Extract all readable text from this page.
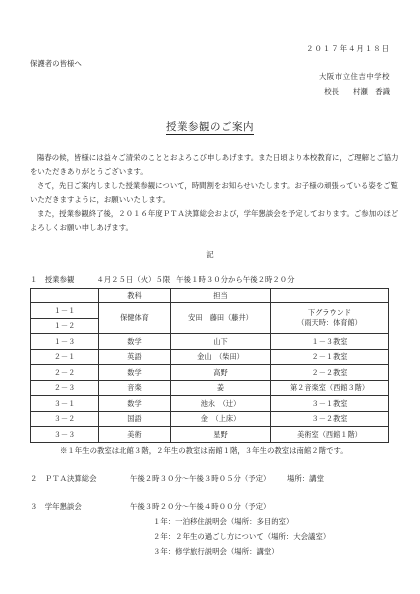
２０１７年４月１８日
保護者の皆様へ
大阪市立住吉中学校
校長 村瀬　香識
授業参観のご案内
陽春の候，皆様には益々ご清栄のこととおよろこび申しあげます。また日頃より本校教育に，ご理解とご協力をいただきありがとうございます。
さて，先日ご案内しました授業参観について，時間割をお知らせいたします。お子様の頑張っている姿をご覧いただきますように，お願いいたします。
また，授業参観終了後，２０１６年度ＰＴＡ決算総会および，学年懇談会を予定しております。ご参加のほどよろしくお願い申しあげます。
記
１　授業参観	４月２５日（火）５限 午後１時３０分から午後２時２０分
	教科	担当	
１－１	保健体育	安田　藤田（藤井）	下グラウンド
（雨天時：体育館）

１－２			
１－３	数学	山下	１－３教室
２－１	英語	金山　（柴田）	２－１教室
２－２	数学	高野	２－２教室
２－３	音楽	姜	第２音楽室（西館３階）
３－１	数学	池永　（辻）	３－１教室
３－２	国語	金　（上床）	３－２教室
３－３	美術	星野	美術室（西館１階）
※１年生の教室は北館３階，２年生の教室は南館１階，３年生の教室は南館２階です。
２　ＰＴＡ決算総会	午後２時３０分～午後３時０５分（予定） 場所：講堂
３　学年懇談会	午後３時２０分～午後４時００分（予定）
１年：一泊移住説明会（場所：多目的室）
２年：２年生の過ごし方について（場所：大会議室）
３年：修学旅行説明会（場所：講堂）
